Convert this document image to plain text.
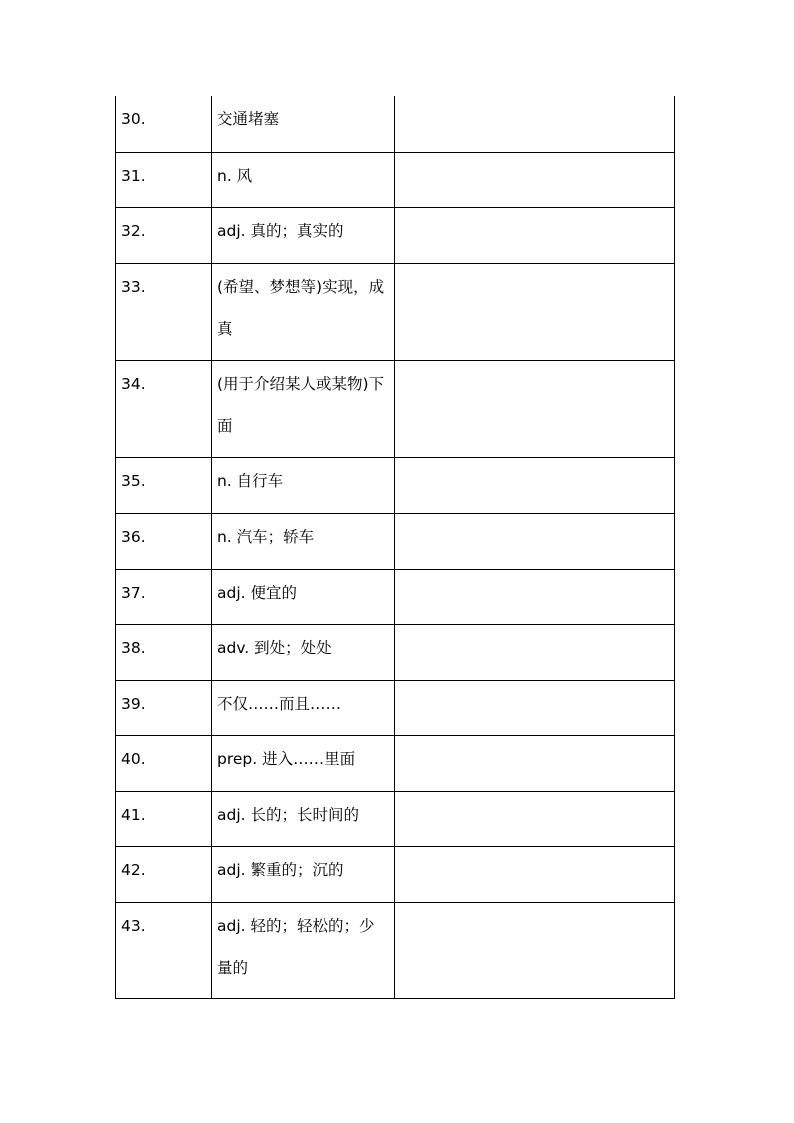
30.	交通堵塞	

31.	n. 风	

32.	adj. 真的；真实的	

33.	(希望、梦想等)实现，成真	

34.	(用于介绍某人或某物)下面	

35.	n. 自行车	

36.	n. 汽车；轿车	

37.	adj. 便宜的	

38.	adv. 到处；处处	

39.	不仅……而且……	

40.	prep. 进入……里面	

41.	adj. 长的；长时间的	

42.	adj. 繁重的；沉的	

43.	adj. 轻的；轻松的；少量的	
